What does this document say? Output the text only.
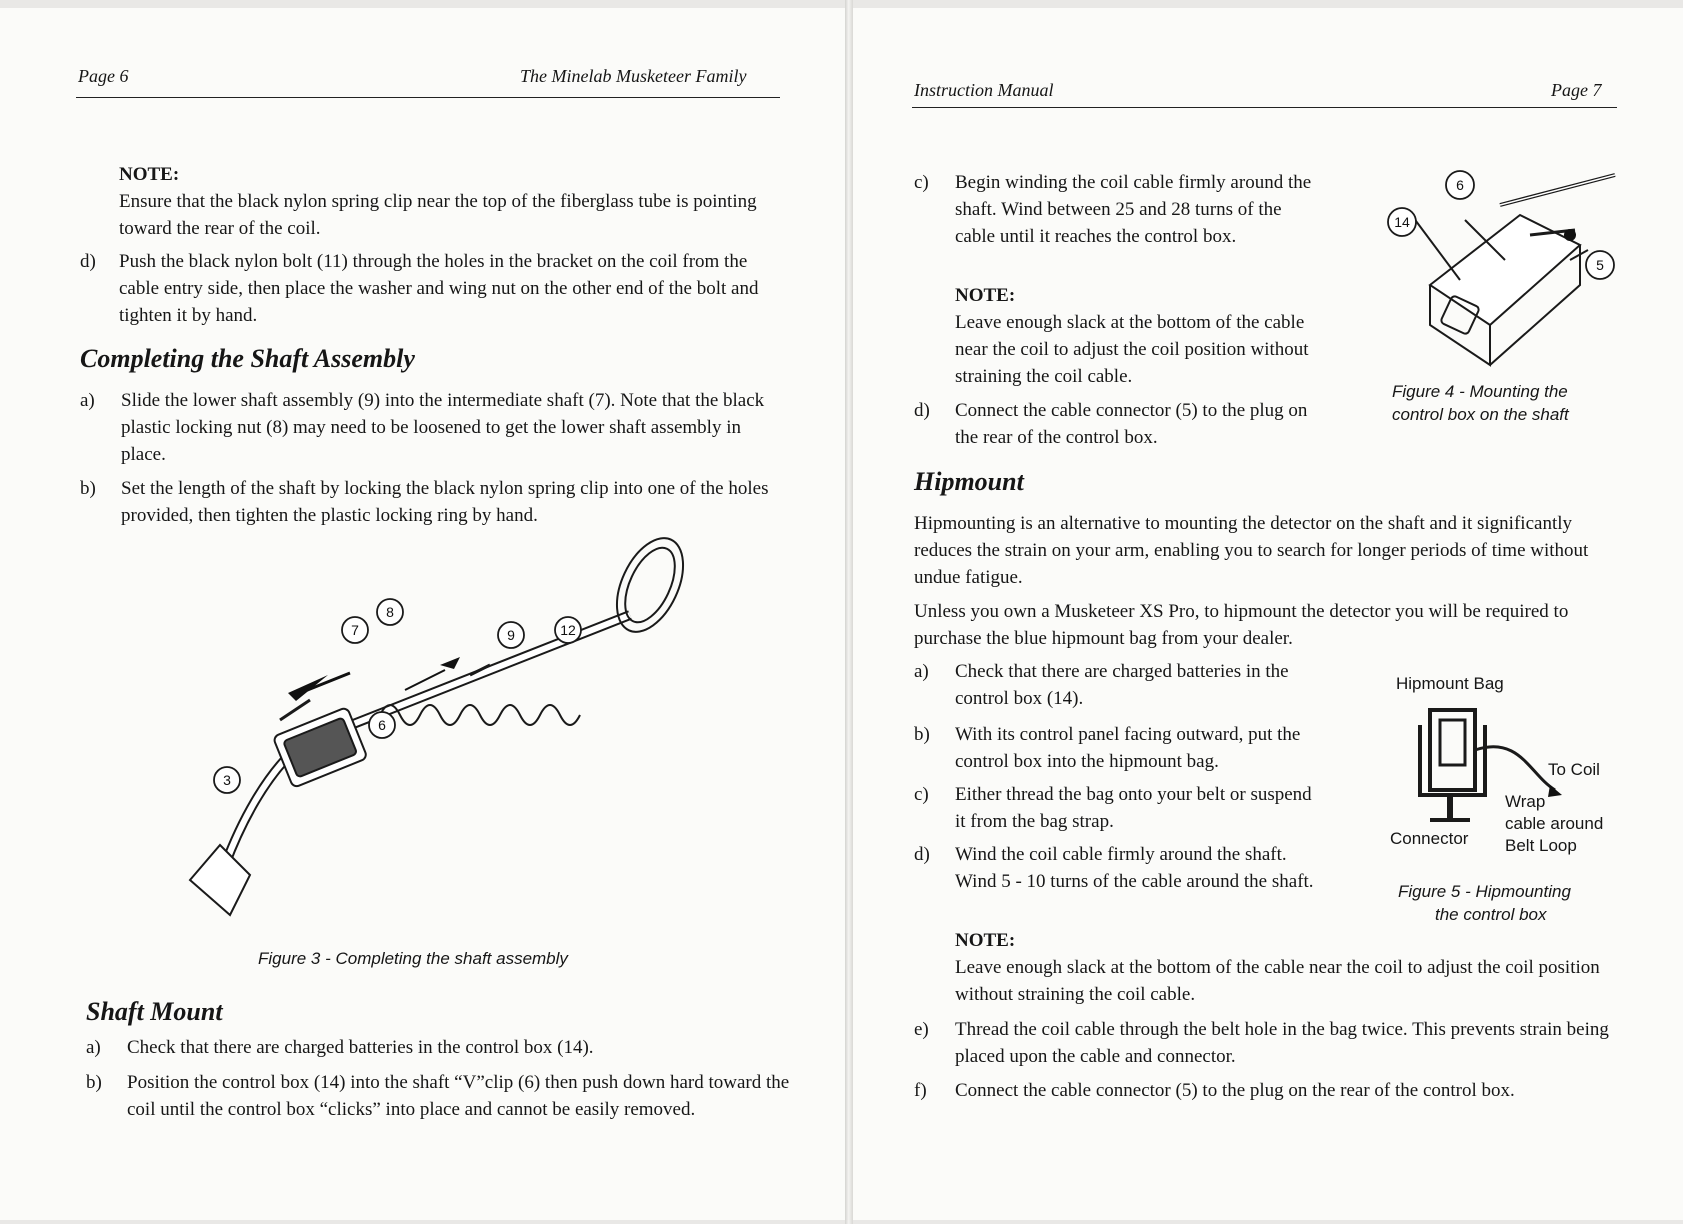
Page 6	The Minelab Musketeer Family
NOTE:
Ensure that the black nylon spring clip near the top of the fiberglass tube is pointing toward the rear of the coil.
d) Push the black nylon bolt (11) through the holes in the bracket on the coil from the cable entry side, then place the washer and wing nut on the other end of the bolt and tighten it by hand.
Completing the Shaft Assembly
a) Slide the lower shaft assembly (9) into the intermediate shaft (7). Note that the black plastic locking nut (8) may need to be loosened to get the lower shaft assembly in place.
b) Set the length of the shaft by locking the black nylon spring clip into one of the holes provided, then tighten the plastic locking ring by hand.
3
6
7
8
9	12
Figure 3 - Completing the shaft assembly
Shaft Mount
a) Check that there are charged batteries in the control box (14).
b) Position the control box (14) into the shaft “V”clip (6) then push down hard toward the coil until the control box “clicks” into place and cannot be easily removed.
Instruction Manual	Page 7
c) Begin winding the coil cable firmly around the shaft. Wind between 25 and 28 turns of the cable until it reaches the control box.
NOTE:
Leave enough slack at the bottom of the cable near the coil to adjust the coil position without straining the coil cable.
d) Connect the cable connector (5) to the plug on the rear of the control box.
6
14
5
Figure 4 - Mounting the
control box on the shaft
Hipmount
Hipmounting is an alternative to mounting the detector on the shaft and it significantly reduces the strain on your arm, enabling you to search for longer periods of time without undue fatigue.
Unless you own a Musketeer XS Pro, to hipmount the detector you will be required to purchase the blue hipmount bag from your dealer.
a) Check that there are charged batteries in the control box (14).
b) With its control panel facing outward, put the control box into the hipmount bag.
c) Either thread the bag onto your belt or suspend it from the bag strap.
d) Wind the coil cable firmly around the shaft. Wind 5 - 10 turns of the cable around the shaft.
Hipmount Bag
To Coil
Wrap
cable around
Belt Loop
Connector
Figure 5 - Hipmounting
the control box
NOTE:
Leave enough slack at the bottom of the cable near the coil to adjust the coil position without straining the coil cable.
e) Thread the coil cable through the belt hole in the bag twice. This prevents strain being placed upon the cable and connector.
f) Connect the cable connector (5) to the plug on the rear of the control box.
